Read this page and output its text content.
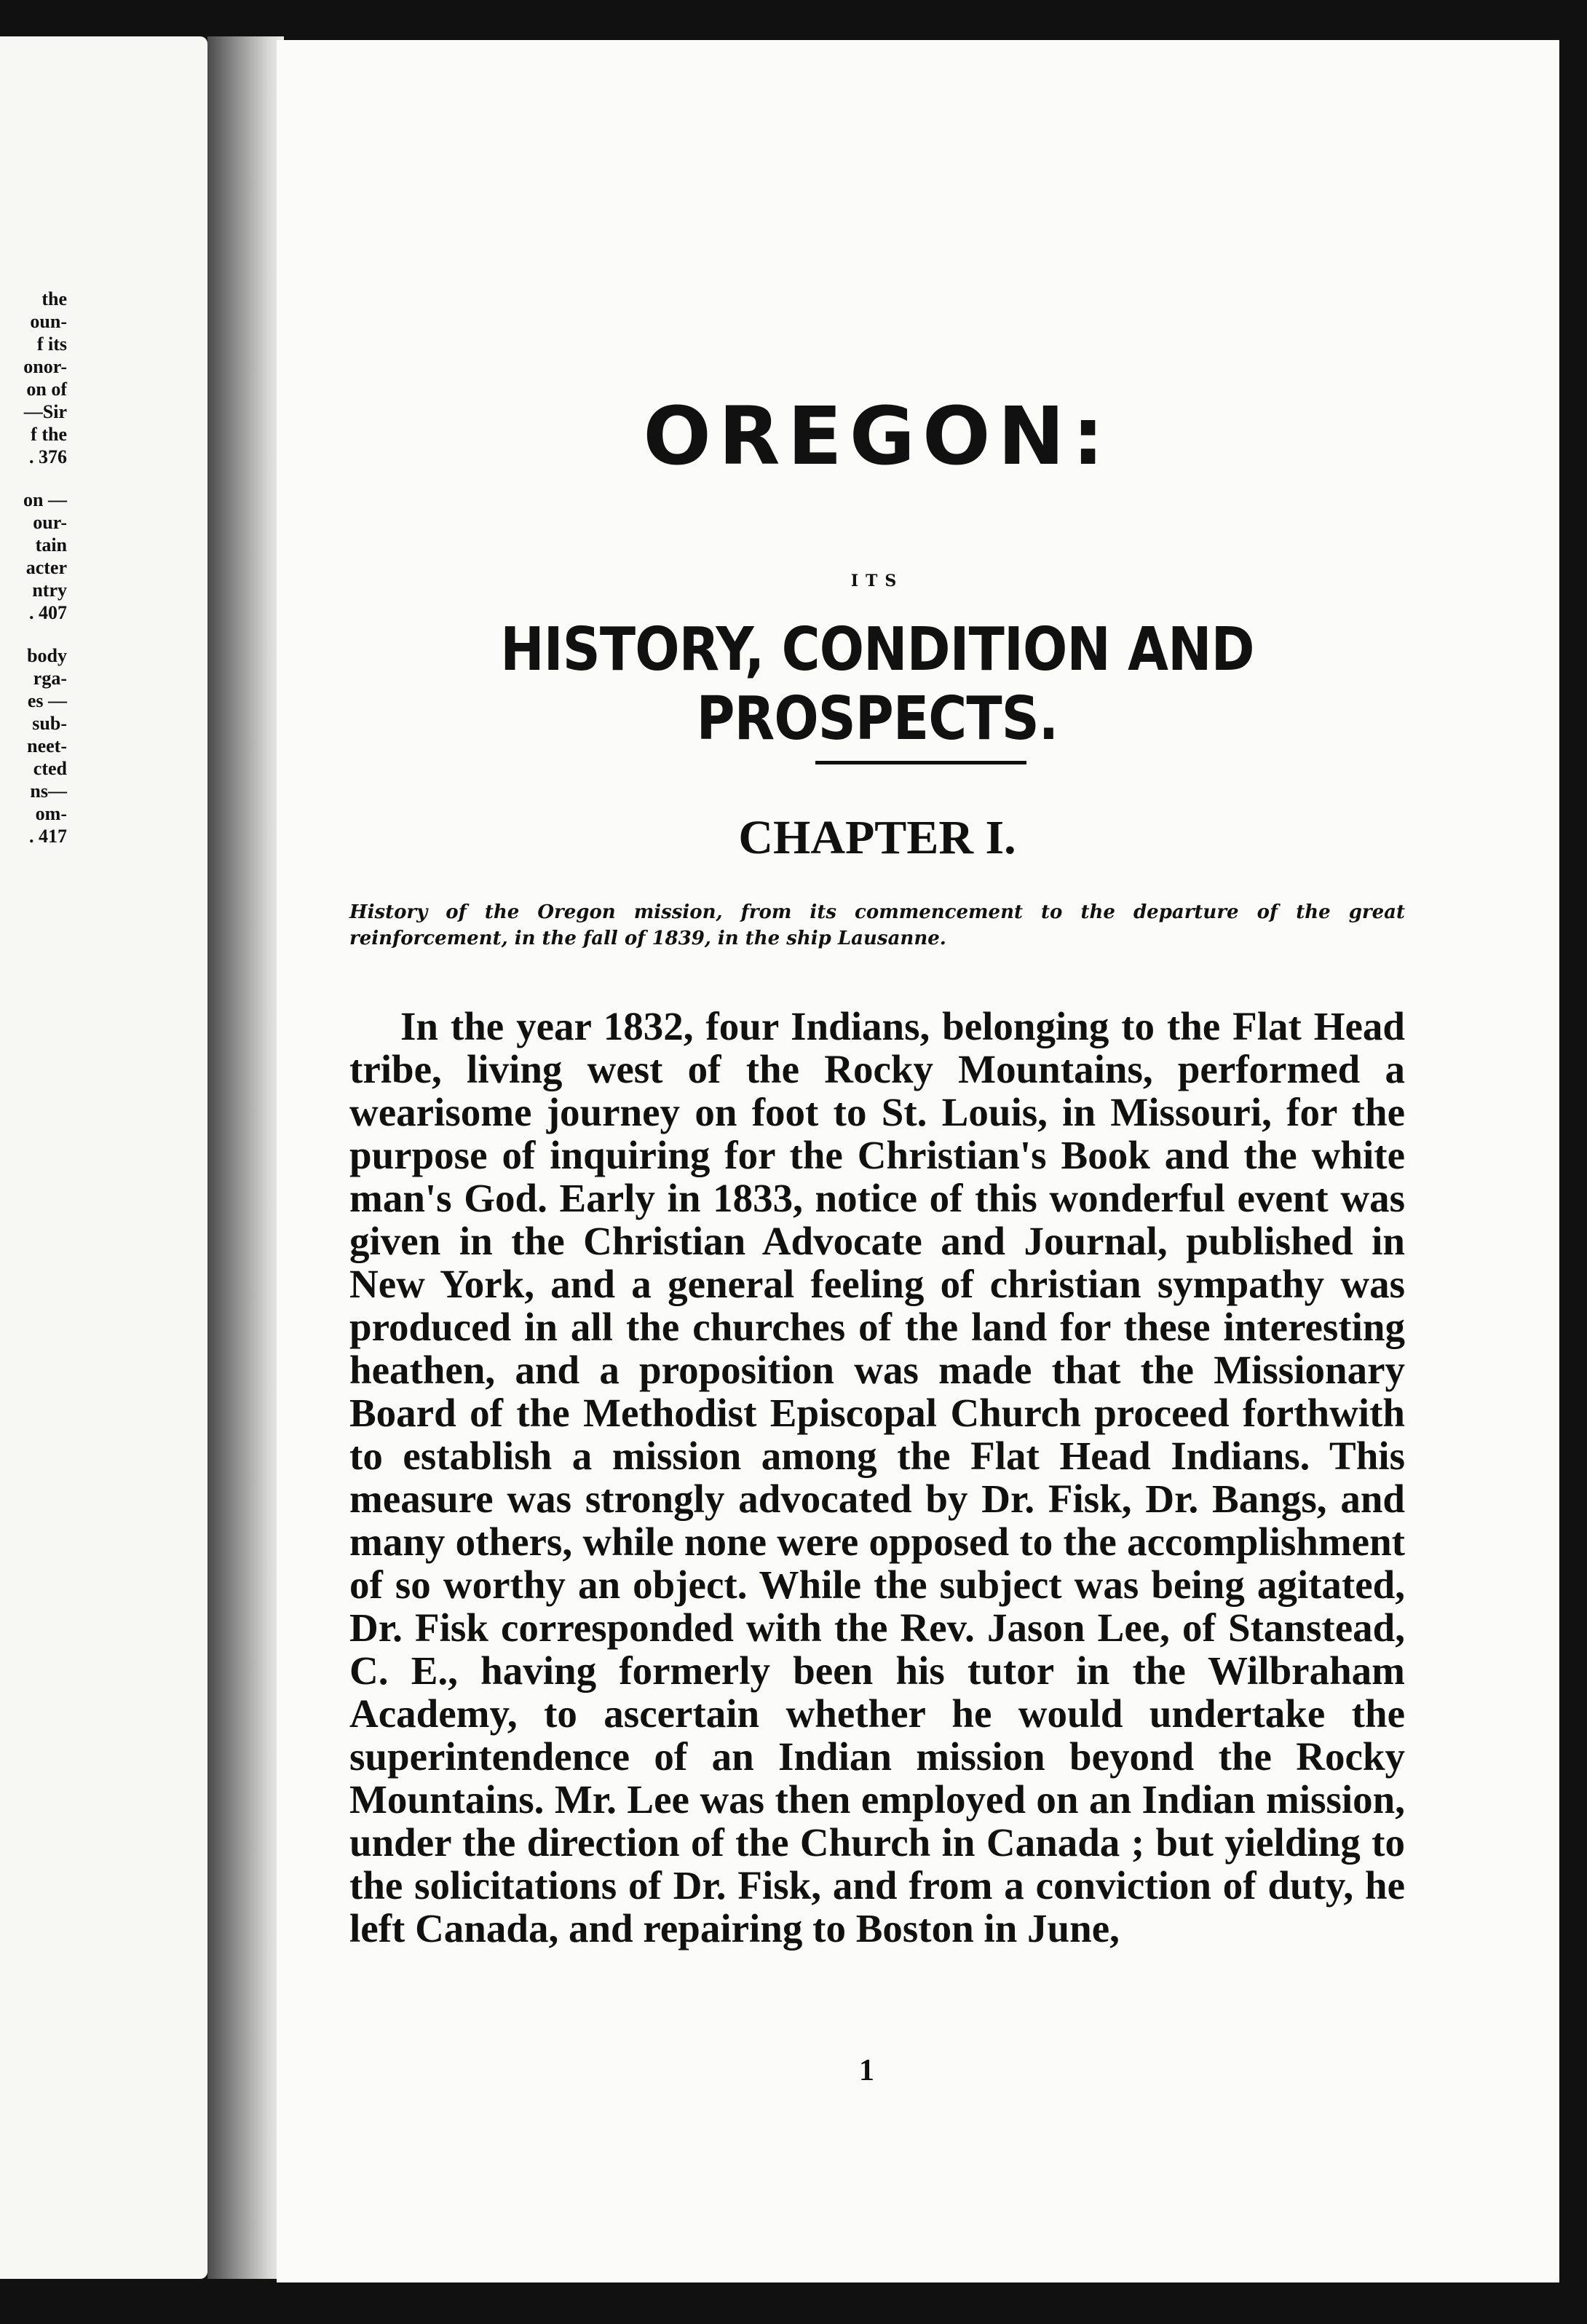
the
oun-
f its
onor-
on of
—Sir
f the
. 376
on —
our-
tain
acter
ntry
. 407
body
rga-
es —
sub-
neet-
cted
ns—
om-
. 417
OREGON:
ITS
HISTORY, CONDITION AND PROSPECTS.
CHAPTER I.
History of the Oregon mission, from its commencement to the departure of the great reinforcement, in the fall of 1839, in the ship Lausanne.

In the year 1832, four Indians, belonging to the Flat Head tribe, living west of the Rocky Mountains, performed a wearisome journey on foot to St. Louis, in Missouri, for the purpose of inquiring for the Christian's Book and the white man's God. Early in 1833, notice of this wonderful event was given in the Christian Advocate and Journal, published in New York, and a general feeling of christian sympathy was produced in all the churches of the land for these interesting heathen, and a proposition was made that the Missionary Board of the Methodist Episcopal Church proceed forthwith to establish a mission among the Flat Head Indians. This measure was strongly advocated by Dr. Fisk, Dr. Bangs, and many others, while none were opposed to the accomplishment of so worthy an object. While the subject was being agitated, Dr. Fisk corresponded with the Rev. Jason Lee, of Stanstead, C. E., having formerly been his tutor in the Wilbraham Academy, to ascertain whether he would undertake the superintendence of an Indian mission beyond the Rocky Mountains. Mr. Lee was then employed on an Indian mission, under the direction of the Church in Canada ; but yielding to the solicitations of Dr. Fisk, and from a conviction of duty, he left Canada, and repairing to Boston in June,

1
